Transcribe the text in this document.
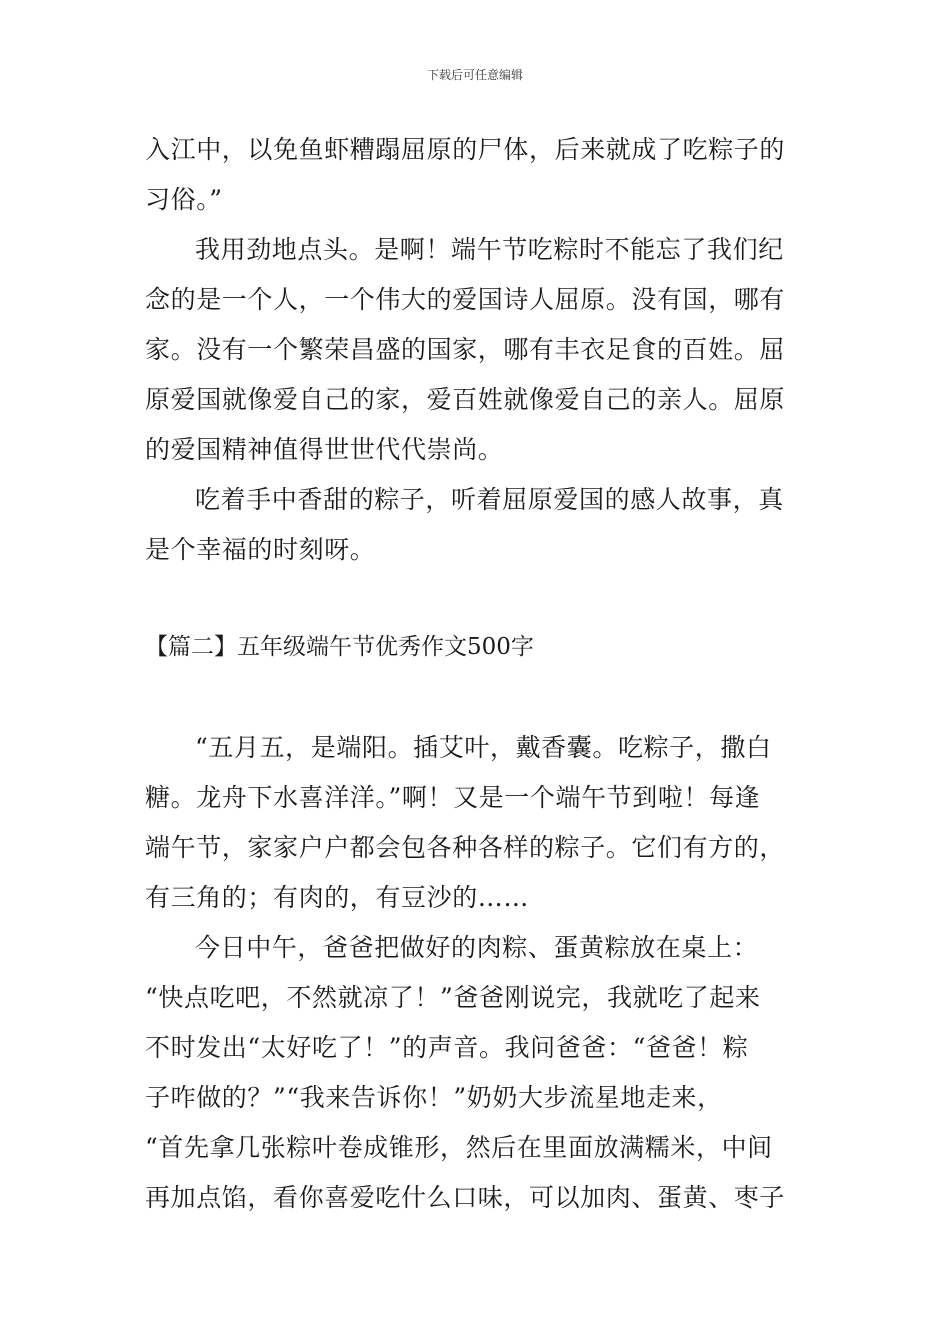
下载后可任意编辑

入江中，以免鱼虾糟蹋屈原的尸体，后来就成了吃粽子的
习俗。”

我用劲地点头。是啊！端午节吃粽时不能忘了我们纪
念的是一个人，一个伟大的爱国诗人屈原。没有国，哪有
家。没有一个繁荣昌盛的国家，哪有丰衣足食的百姓。屈
原爱国就像爱自己的家，爱百姓就像爱自己的亲人。屈原
的爱国精神值得世世代代崇尚。

吃着手中香甜的粽子，听着屈原爱国的感人故事，真
是个幸福的时刻呀。

【篇二】五年级端午节优秀作文500字

“五月五，是端阳。插艾叶，戴香囊。吃粽子，撒白
糖。龙舟下水喜洋洋。”啊！又是一个端午节到啦！每逢
端午节，家家户户都会包各种各样的粽子。它们有方的，
有三角的；有肉的，有豆沙的……

今日中午，爸爸把做好的肉粽、蛋黄粽放在桌上：
“快点吃吧，不然就凉了！”爸爸刚说完，我就吃了起来
不时发出“太好吃了！”的声音。我问爸爸：“爸爸！粽
子咋做的？”“我来告诉你！”奶奶大步流星地走来，
“首先拿几张粽叶卷成锥形，然后在里面放满糯米，中间
再加点馅，看你喜爱吃什么口味，可以加肉、蛋黄、枣子
